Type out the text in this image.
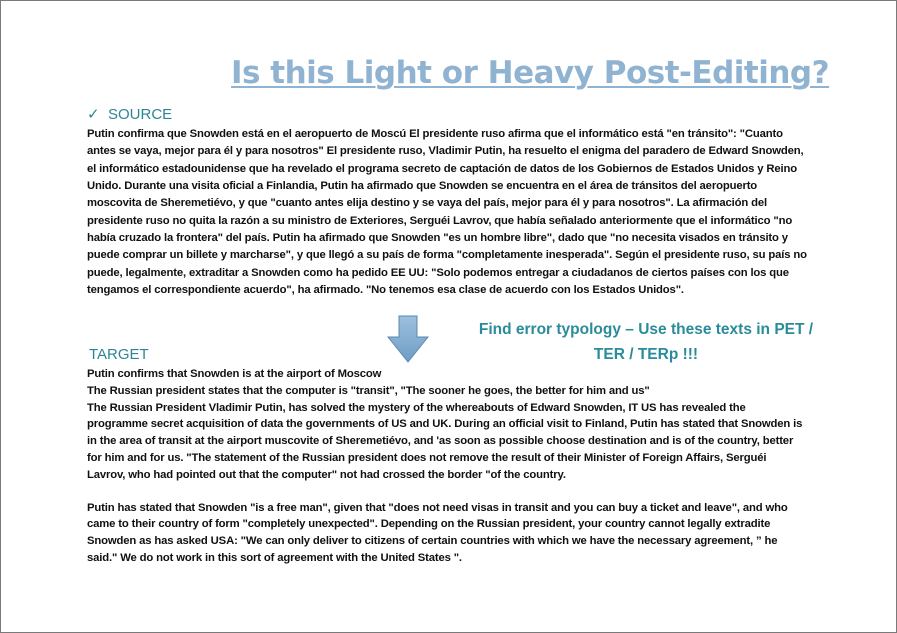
Is this Light or Heavy Post-Editing?
✓ SOURCE
Putin confirma que Snowden está en el aeropuerto de Moscú El presidente ruso afirma que el informático está "en tránsito": "Cuanto antes se vaya, mejor para él y para nosotros" El presidente ruso, Vladimir Putin, ha resuelto el enigma del paradero de Edward Snowden, el informático estadounidense que ha revelado el programa secreto de captación de datos de los Gobiernos de Estados Unidos y Reino Unido. Durante una visita oficial a Finlandia, Putin ha afirmado que Snowden se encuentra en el área de tránsitos del aeropuerto moscovita de Sheremetiévo, y que "cuanto antes elija destino y se vaya del país, mejor para él y para nosotros". La afirmación del presidente ruso no quita la razón a su ministro de Exteriores, Serguéi Lavrov, que había señalado anteriormente que el informático "no había cruzado la frontera" del país. Putin ha afirmado que Snowden "es un hombre libre", dado que "no necesita visados en tránsito y puede comprar un billete y marcharse", y que llegó a su país de forma "completamente inesperada". Según el presidente ruso, su país no puede, legalmente, extraditar a Snowden como ha pedido EE UU: "Solo podemos entregar a ciudadanos de ciertos países con los que tengamos el correspondiente acuerdo", ha afirmado. "No tenemos esa clase de acuerdo con los Estados Unidos".
Find error typology – Use these texts in PET / TER / TERp !!!
TARGET
Putin confirms that Snowden is at the airport of Moscow
The Russian president states that the computer is "transit", "The sooner he goes, the better for him and us"
The Russian President Vladimir Putin, has solved the mystery of the whereabouts of Edward Snowden, IT US has revealed the programme secret acquisition of data the governments of US and UK. During an official visit to Finland, Putin has stated that Snowden is in the area of transit at the airport muscovite of Sheremetiévo, and 'as soon as possible choose destination and is of the country, better for him and for us. "The statement of the Russian president does not remove the result of their Minister of Foreign Affairs, Serguéi Lavrov, who had pointed out that the computer" not had crossed the border "of the country.
Putin has stated that Snowden "is a free man", given that "does not need visas in transit and you can buy a ticket and leave", and who came to their country of form "completely unexpected". Depending on the Russian president, your country cannot legally extradite Snowden as has asked USA: "We can only deliver to citizens of certain countries with which we have the necessary agreement, ” he said." We do not work in this sort of agreement with the United States ".
